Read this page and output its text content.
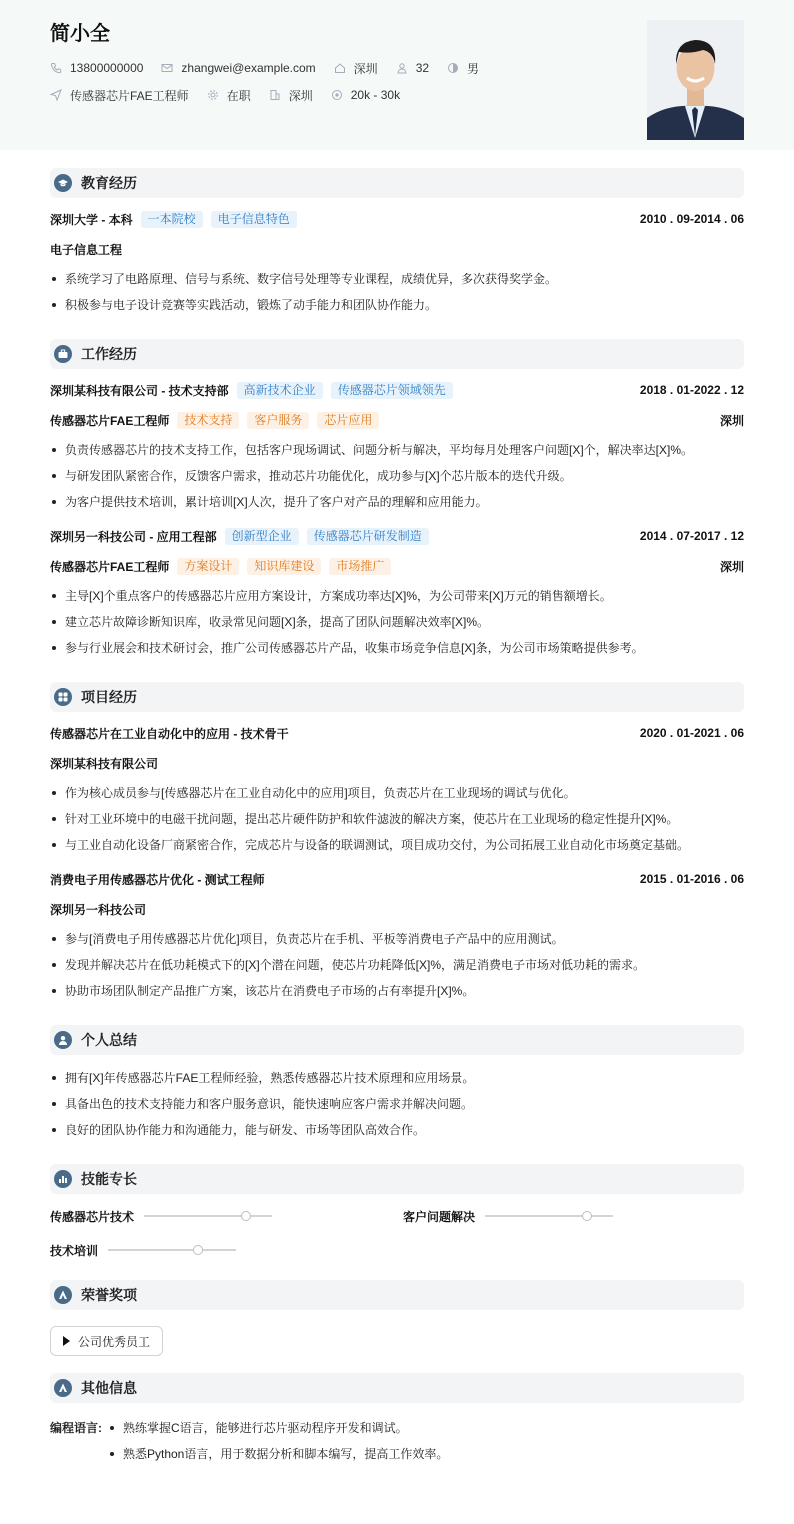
简小全
13800000000	zhangwei@example.com	深圳	32	男
传感器芯片FAE工程师	在职	深圳	20k - 30k
教育经历
深圳大学 - 本科	一本院校	电子信息特色	2010 . 09-2014 . 06
电子信息工程
系统学习了电路原理、信号与系统、数字信号处理等专业课程，成绩优异，多次获得奖学金。
积极参与电子设计竞赛等实践活动，锻炼了动手能力和团队协作能力。
工作经历
深圳某科技有限公司 - 技术支持部	高新技术企业	传感器芯片领域领先	2018 . 01-2022 . 12
传感器芯片FAE工程师	技术支持	客户服务	芯片应用	深圳
负责传感器芯片的技术支持工作，包括客户现场调试、问题分析与解决，平均每月处理客户问题[X]个，解决率达[X]%。
与研发团队紧密合作，反馈客户需求，推动芯片功能优化，成功参与[X]个芯片版本的迭代升级。
为客户提供技术培训，累计培训[X]人次，提升了客户对产品的理解和应用能力。
深圳另一科技公司 - 应用工程部	创新型企业	传感器芯片研发制造	2014 . 07-2017 . 12
传感器芯片FAE工程师	方案设计	知识库建设	市场推广	深圳
主导[X]个重点客户的传感器芯片应用方案设计，方案成功率达[X]%，为公司带来[X]万元的销售额增长。
建立芯片故障诊断知识库，收录常见问题[X]条，提高了团队问题解决效率[X]%。
参与行业展会和技术研讨会，推广公司传感器芯片产品，收集市场竞争信息[X]条，为公司市场策略提供参考。
项目经历
传感器芯片在工业自动化中的应用 - 技术骨干	2020 . 01-2021 . 06
深圳某科技有限公司
作为核心成员参与[传感器芯片在工业自动化中的应用]项目，负责芯片在工业现场的调试与优化。
针对工业环境中的电磁干扰问题，提出芯片硬件防护和软件滤波的解决方案，使芯片在工业现场的稳定性提升[X]%。
与工业自动化设备厂商紧密合作，完成芯片与设备的联调测试，项目成功交付，为公司拓展工业自动化市场奠定基础。
消费电子用传感器芯片优化 - 测试工程师	2015 . 01-2016 . 06
深圳另一科技公司
参与[消费电子用传感器芯片优化]项目，负责芯片在手机、平板等消费电子产品中的应用测试。
发现并解决芯片在低功耗模式下的[X]个潜在问题，使芯片功耗降低[X]%，满足消费电子市场对低功耗的需求。
协助市场团队制定产品推广方案，该芯片在消费电子市场的占有率提升[X]%。
个人总结
拥有[X]年传感器芯片FAE工程师经验，熟悉传感器芯片技术原理和应用场景。
具备出色的技术支持能力和客户服务意识，能快速响应客户需求并解决问题。
良好的团队协作能力和沟通能力，能与研发、市场等团队高效合作。
技能专长
传感器芯片技术	客户问题解决
技术培训
荣誉奖项
公司优秀员工
其他信息
编程语言:	熟练掌握C语言，能够进行芯片驱动程序开发和调试。
熟悉Python语言，用于数据分析和脚本编写，提高工作效率。
